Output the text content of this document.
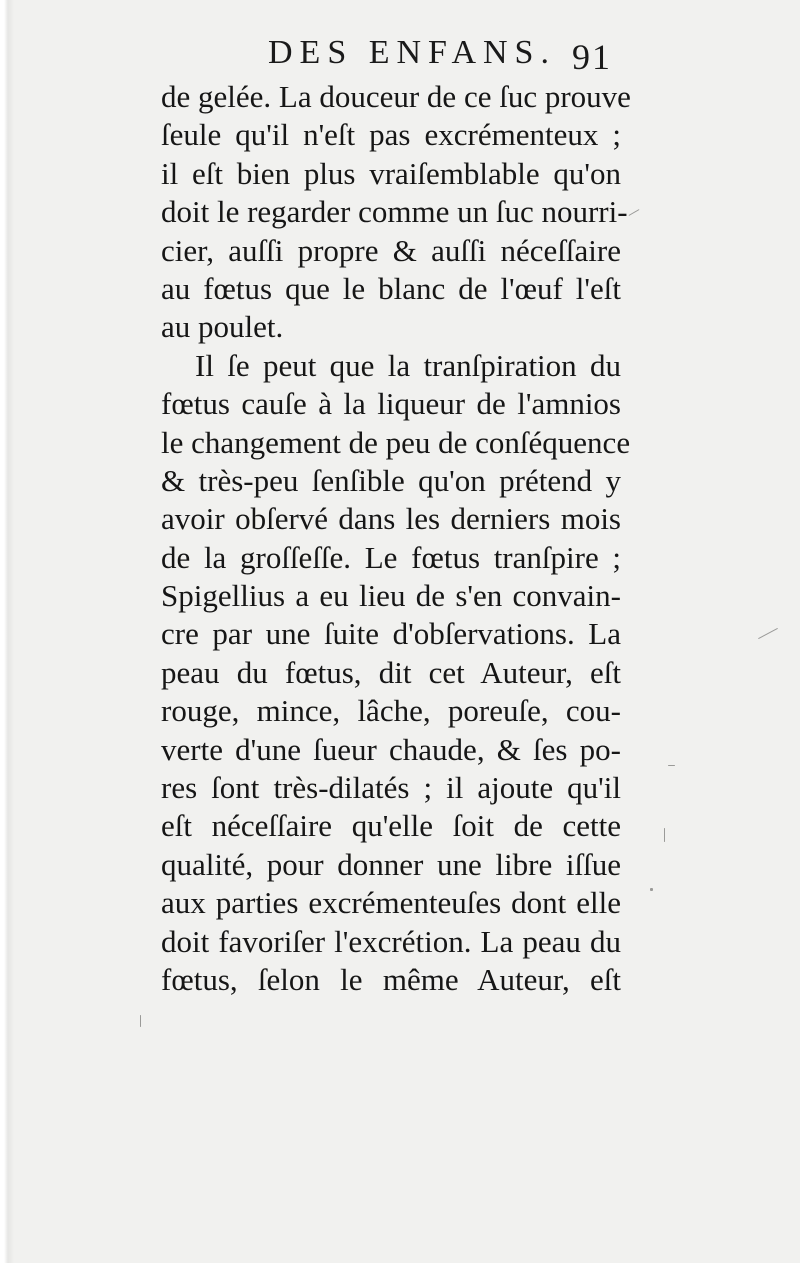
DES ENFANS. 91
de gelée. La douceur de ce ſuc prouve
ſeule qu'il n'eſt pas excrémenteux ;
il eſt bien plus vraiſemblable qu'on
doit le regarder comme un ſuc nourri-
cier, auſſi propre & auſſi néceſſaire
au fœtus que le blanc de l'œuf l'eſt
au poulet.
Il ſe peut que la tranſpiration du
fœtus cauſe à la liqueur de l'amnios
le changement de peu de conſéquence
& très-peu ſenſible qu'on prétend y
avoir obſervé dans les derniers mois
de la groſſeſſe. Le fœtus tranſpire ;
Spigellius a eu lieu de s'en convain-
cre par une ſuite d'obſervations. La
peau du fœtus, dit cet Auteur, eſt
rouge, mince, lâche, poreuſe, cou-
verte d'une ſueur chaude, & ſes po-
res ſont très-dilatés ; il ajoute qu'il
eſt néceſſaire qu'elle ſoit de cette
qualité, pour donner une libre iſſue
aux parties excrémenteuſes dont elle
doit favoriſer l'excrétion. La peau du
fœtus, ſelon le même Auteur, eſt
